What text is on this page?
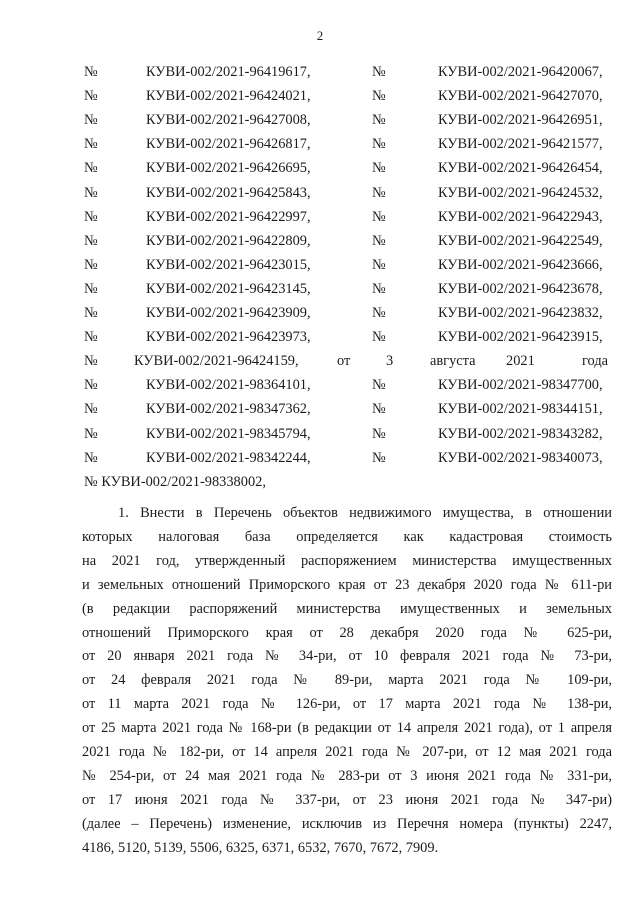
2
№	КУВИ-002/2021-96419617,	№	КУВИ-002/2021-96420067,
№	КУВИ-002/2021-96424021,	№	КУВИ-002/2021-96427070,
№	КУВИ-002/2021-96427008,	№	КУВИ-002/2021-96426951,
№	КУВИ-002/2021-96426817,	№	КУВИ-002/2021-96421577,
№	КУВИ-002/2021-96426695,	№	КУВИ-002/2021-96426454,
№	КУВИ-002/2021-96425843,	№	КУВИ-002/2021-96424532,
№	КУВИ-002/2021-96422997,	№	КУВИ-002/2021-96422943,
№	КУВИ-002/2021-96422809,	№	КУВИ-002/2021-96422549,
№	КУВИ-002/2021-96423015,	№	КУВИ-002/2021-96423666,
№	КУВИ-002/2021-96423145,	№	КУВИ-002/2021-96423678,
№	КУВИ-002/2021-96423909,	№	КУВИ-002/2021-96423832,
№	КУВИ-002/2021-96423973,	№	КУВИ-002/2021-96423915,
№	КУВИ-002/2021-96424159,	от 3	августа 2021	года
№	КУВИ-002/2021-98364101,	№	КУВИ-002/2021-98347700,
№	КУВИ-002/2021-98347362,	№	КУВИ-002/2021-98344151,
№	КУВИ-002/2021-98345794,	№	КУВИ-002/2021-98343282,
№	КУВИ-002/2021-98342244,	№	КУВИ-002/2021-98340073,
№ КУВИ-002/2021-98338002,
1. Внести в Перечень объектов недвижимого имущества, в отношении
которых налоговая база определяется как кадастровая стоимость
на 2021 год, утвержденный распоряжением министерства имущественных
и земельных отношений Приморского края от 23 декабря 2020 года № 611-ри
(в редакции распоряжений министерства имущественных и земельных
отношений Приморского края от 28 декабря 2020 года № 625-ри,
от 20 января 2021 года № 34-ри, от 10 февраля 2021 года № 73-ри,
от 24 февраля 2021 года № 89-ри, марта 2021 года № 109-ри,
от 11 марта 2021 года № 126-ри, от 17 марта 2021 года № 138-ри,
от 25 марта 2021 года № 168-ри (в редакции от 14 апреля 2021 года), от 1 апреля
2021 года № 182-ри, от 14 апреля 2021 года № 207-ри, от 12 мая 2021 года
№ 254-ри, от 24 мая 2021 года № 283-ри от 3 июня 2021 года № 331-ри,
от 17 июня 2021 года № 337-ри, от 23 июня 2021 года № 347-ри)
(далее – Перечень) изменение, исключив из Перечня номера (пункты) 2247,
4186, 5120, 5139, 5506, 6325, 6371, 6532, 7670, 7672, 7909.
